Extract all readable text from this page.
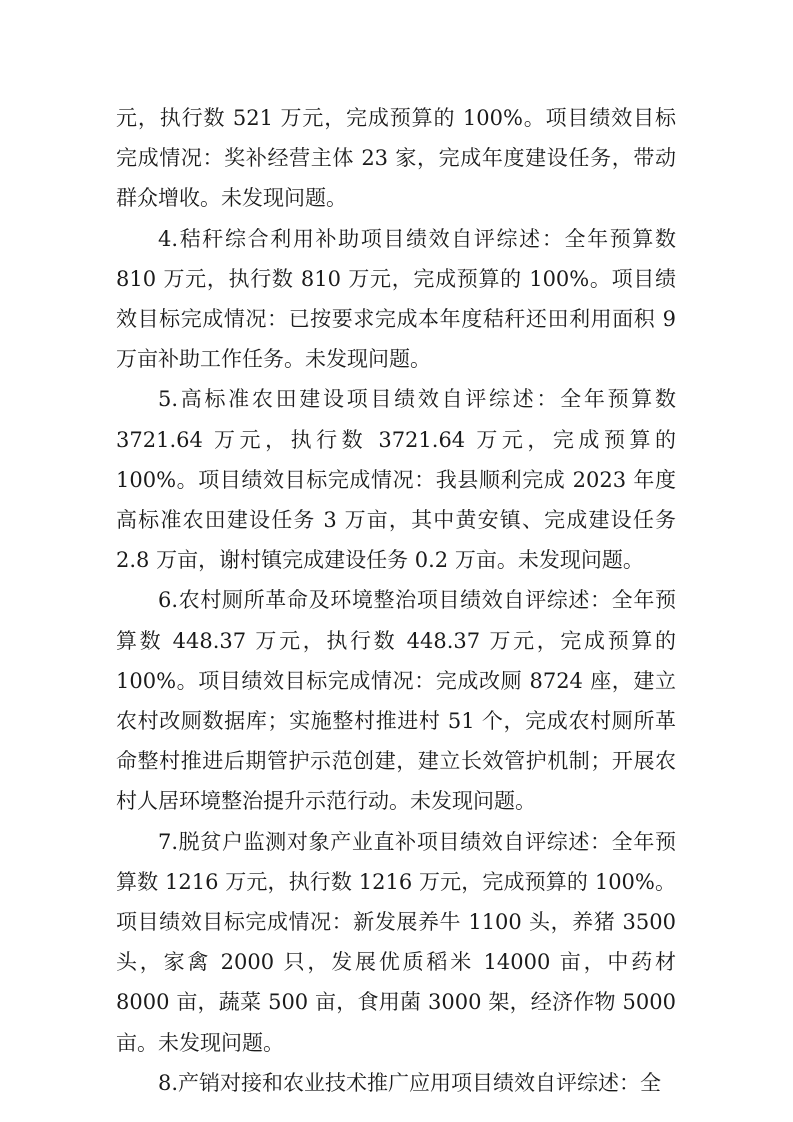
元，执行数 521 万元，完成预算的 100%。项目绩效目标完成情况：奖补经营主体 23 家，完成年度建设任务，带动群众增收。未发现问题。

4.秸秆综合利用补助项目绩效自评综述：全年预算数 810 万元，执行数 810 万元，完成预算的 100%。项目绩效目标完成情况：已按要求完成本年度秸秆还田利用面积 9 万亩补助工作任务。未发现问题。

5.高标准农田建设项目绩效自评综述：全年预算数 3721.64 万元，执行数 3721.64 万元，完成预算的 100%。项目绩效目标完成情况：我县顺利完成 2023 年度高标准农田建设任务 3 万亩，其中黄安镇、完成建设任务 2.8 万亩，谢村镇完成建设任务 0.2 万亩。未发现问题。

6.农村厕所革命及环境整治项目绩效自评综述：全年预算数 448.37 万元，执行数 448.37 万元，完成预算的 100%。项目绩效目标完成情况：完成改厕 8724 座，建立农村改厕数据库；实施整村推进村 51 个，完成农村厕所革命整村推进后期管护示范创建，建立长效管护机制；开展农村人居环境整治提升示范行动。未发现问题。

7.脱贫户监测对象产业直补项目绩效自评综述：全年预算数 1216 万元，执行数 1216 万元，完成预算的 100%。项目绩效目标完成情况：新发展养牛 1100 头，养猪 3500 头，家禽 2000 只，发展优质稻米 14000 亩，中药材 8000 亩，蔬菜 500 亩，食用菌 3000 架，经济作物 5000 亩。未发现问题。

8.产销对接和农业技术推广应用项目绩效自评综述：全
